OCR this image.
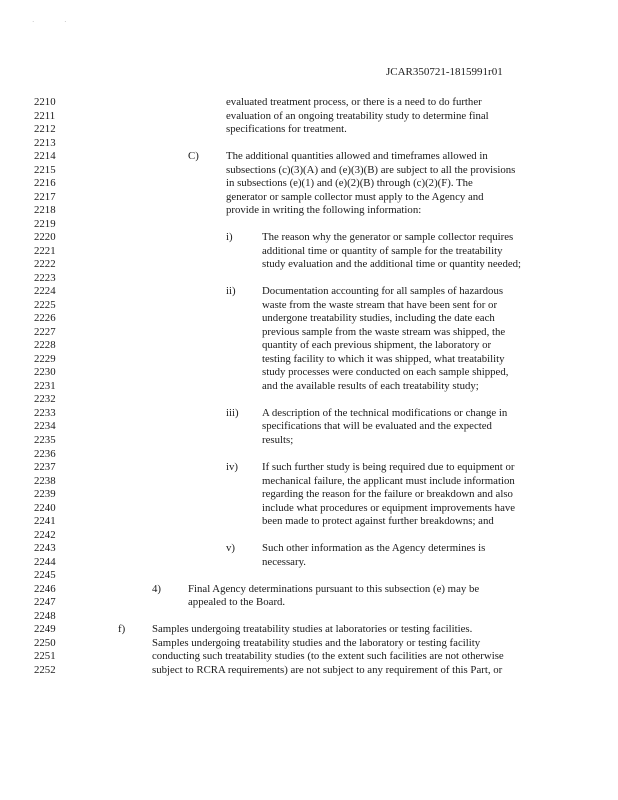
· ·
JCAR350721-1815991r01
2210	evaluated treatment process, or there is a need to do further
2211	evaluation of an ongoing treatability study to determine final
2212	specifications for treatment.
2213
2214	C)	The additional quantities allowed and timeframes allowed in
2215	subsections (c)(3)(A) and (e)(3)(B) are subject to all the provisions
2216	in subsections (e)(1) and (e)(2)(B) through (c)(2)(F). The
2217	generator or sample collector must apply to the Agency and
2218	provide in writing the following information:
2219
2220	i)	The reason why the generator or sample collector requires
2221	additional time or quantity of sample for the treatability
2222	study evaluation and the additional time or quantity needed;
2223
2224	ii) Documentation accounting for all samples of hazardous
2225	waste from the waste stream that have been sent for or
2226	undergone treatability studies, including the date each
2227	previous sample from the waste stream was shipped, the
2228	quantity of each previous shipment, the laboratory or
2229	testing facility to which it was shipped, what treatability
2230	study processes were conducted on each sample shipped,
2231	and the available results of each treatability study;
2232
2233	iii) A description of the technical modifications or change in
2234	specifications that will be evaluated and the expected
2235	results;
2236
2237	iv) If such further study is being required due to equipment or
2238	mechanical failure, the applicant must include information
2239	regarding the reason for the failure or breakdown and also
2240	include what procedures or equipment improvements have
2241	been made to protect against further breakdowns; and
2242
2243	v)	Such other information as the Agency determines is
2244	necessary.
2245
2246	4)	Final Agency determinations pursuant to this subsection (e) may be
2247	appealed to the Board.
2248
2249	f) Samples undergoing treatability studies at laboratories or testing facilities.
2250	Samples undergoing treatability studies and the laboratory or testing facility
2251	conducting such treatability studies (to the extent such facilities are not otherwise
2252	subject to RCRA requirements) are not subject to any requirement of this Part, or
